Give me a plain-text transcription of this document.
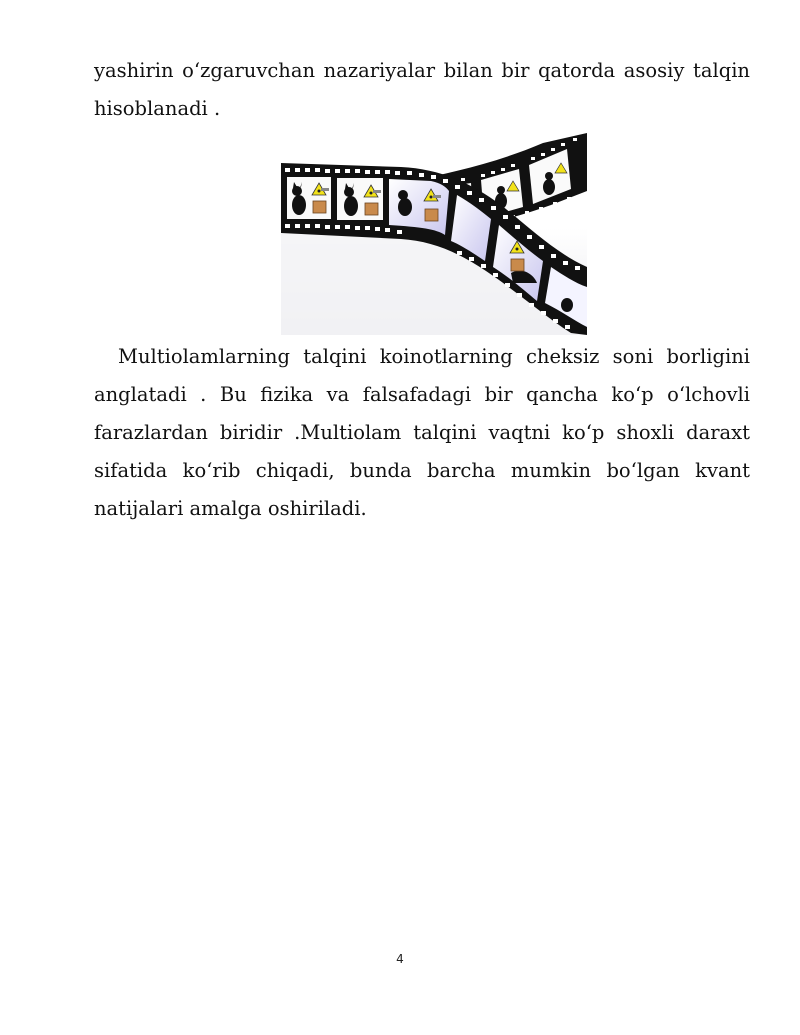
yashirin o‘zgaruvchan nazariyalar bilan bir qatorda asosiy talqin hisoblanadi .

Multiolamlarning talqini koinotlarning cheksiz soni borligini anglatadi . Bu fizika va falsafadagi bir qancha ko‘p o‘lchovli farazlardan biridir .Multiolam talqini vaqtni ko‘p shoxli daraxt sifatida ko‘rib chiqadi, bunda barcha mumkin bo‘lgan kvant natijalari amalga oshiriladi.

4
